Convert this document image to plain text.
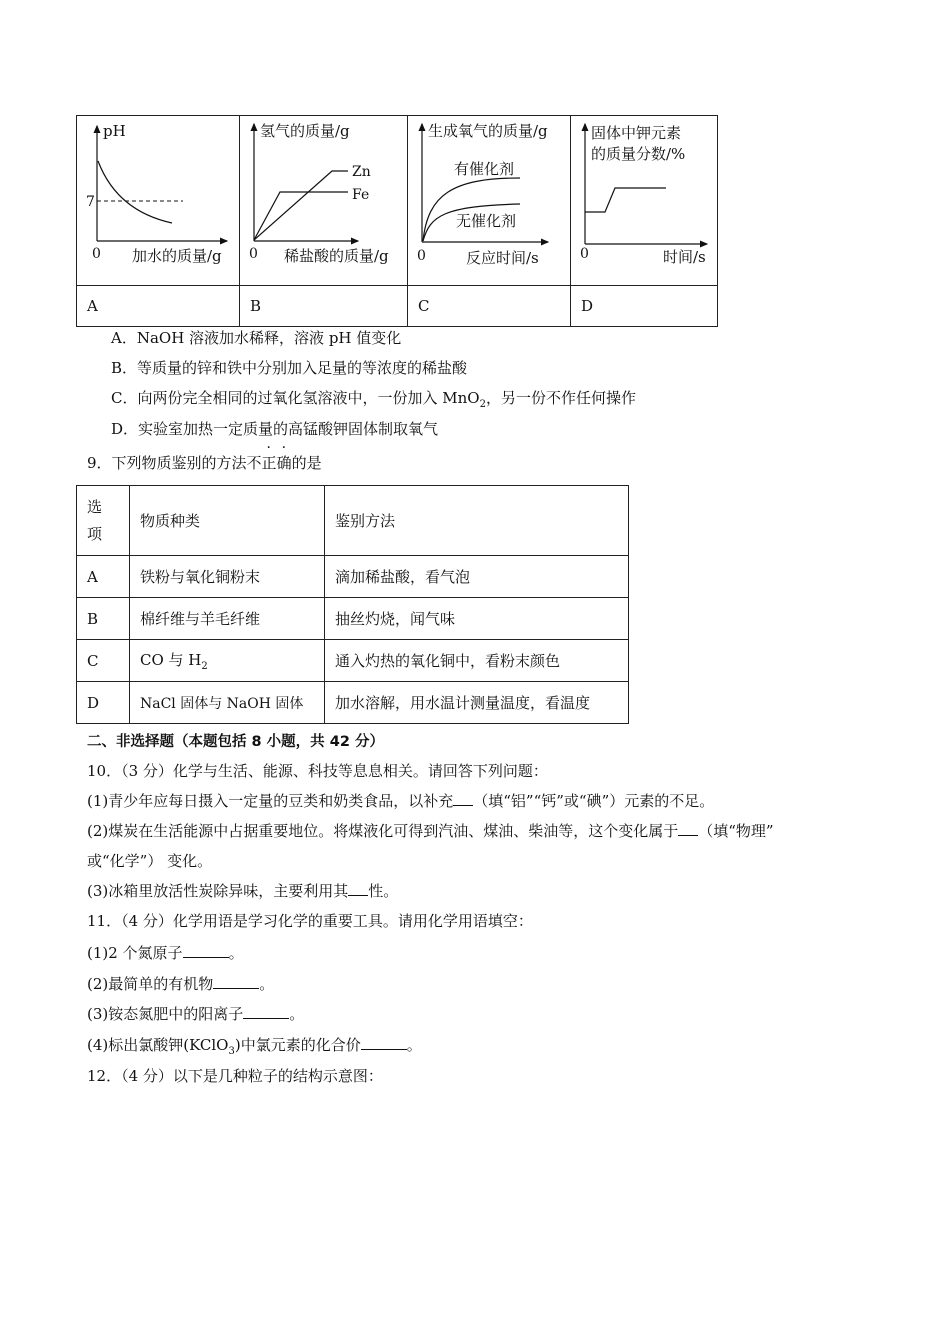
pH
7
0 加水的质量/g	氢气的质量/g
Zn
Fe
0 稀盐酸的质量/g	生成氧气的质量/g
有催化剂
无催化剂
0 反应时间/s	固体中钾元素
的质量分数/%
0 时间/s

A	B	C	D
A．NaOH 溶液加水稀释，溶液 pH 值变化
B．等质量的锌和铁中分别加入足量的等浓度的稀盐酸
C．向两份完全相同的过氧化氢溶液中，一份加入 MnO$_2$，另一份不作任何操作
D．实验室加热一定质量的高锰酸钾固体制取氧气
9．下列物质鉴别的方法不正确的是
选
项	物质种类	鉴别方法
A	铁粉与氧化铜粉末	滴加稀盐酸，看气泡
B	棉纤维与羊毛纤维	抽丝灼烧，闻气味
C	CO 与 $H_2$	通入灼热的氧化铜中，看粉末颜色
D	NaCl 固体与 NaOH 固体	加水溶解，用水温计测量温度，看温度
二、非选择题（本题包括 8 小题，共 42 分）
10．（3 分）化学与生活、能源、科技等息息相关。请回答下列问题：
(1)青少年应每日摄入一定量的豆类和奶类食品，以补充 （填“铝”“钙”或“碘”）元素的不足。
(2)煤炭在生活能源中占据重要地位。将煤液化可得到汽油、煤油、柴油等，这个变化属于 （填“物理”
或“化学”） 变化。
(3)冰箱里放活性炭除异味，主要利用其 性。
11．（4 分）化学用语是学习化学的重要工具。请用化学用语填空：
(1)2 个氮原子	。
(2)最简单的有机物	。
(3)铵态氮肥中的阳离子	。
(4)标出氯酸钾(KClO$_3$)中氯元素的化合价	。
12．（4 分）以下是几种粒子的结构示意图：
